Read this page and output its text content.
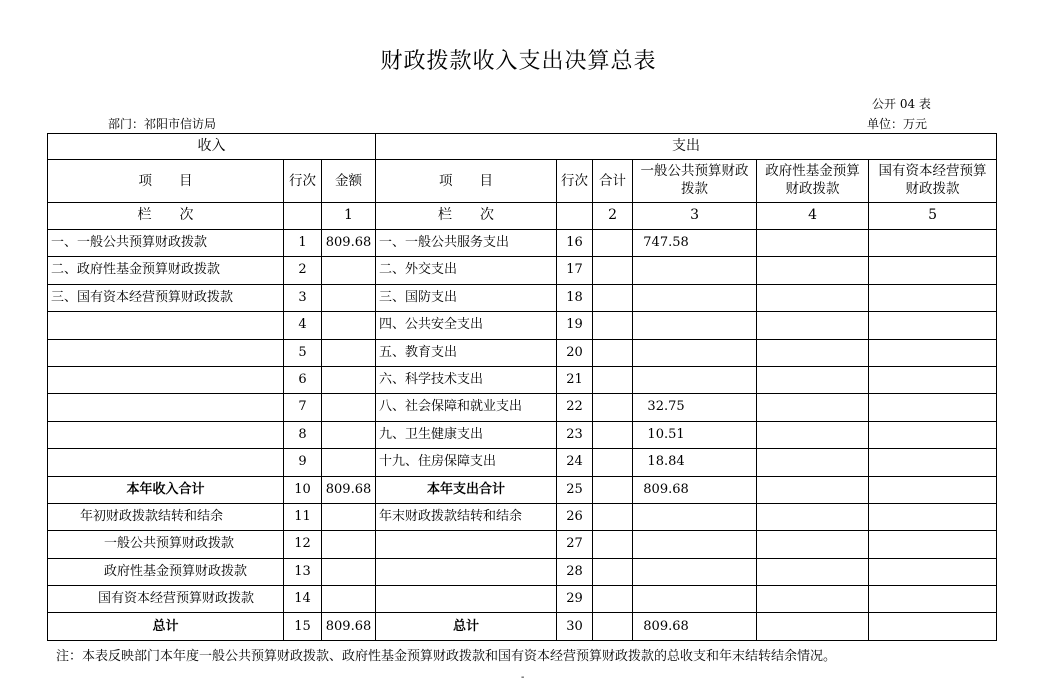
财政拨款收入支出决算总表
公开 04 表
部门：祁阳市信访局	单位：万元
收入			支出					
项　　目	行次	金额	项　　目	行次	合计	一般公共预算财政拨款	政府性基金预算财政拨款	国有资本经营预算财政拨款
栏　　次		1	栏　　次		2	3	4	5
一、一般公共预算财政拨款	1	809.68	一、一般公共服务支出	16		747.58		
二、政府性基金预算财政拨款	2		二、外交支出	17				
三、国有资本经营预算财政拨款	3		三、国防支出	18				
	4		四、公共安全支出	19				
	5		五、教育支出	20				
	6		六、科学技术支出	21				
	7		八、社会保障和就业支出	22		32.75		
	8		九、卫生健康支出	23		10.51		
	9		十九、住房保障支出	24		18.84		
本年收入合计	10	809.68	本年支出合计	25		809.68		
年初财政拨款结转和结余	11		年末财政拨款结转和结余	26				
一般公共预算财政拨款	12			27				
政府性基金预算财政拨款	13			28				
国有资本经营预算财政拨款	14			29				
总计	15	809.68	总计	30		809.68		
注：本表反映部门本年度一般公共预算财政拨款、政府性基金预算财政拨款和国有资本经营预算财政拨款的总收支和年末结转结余情况。
-
